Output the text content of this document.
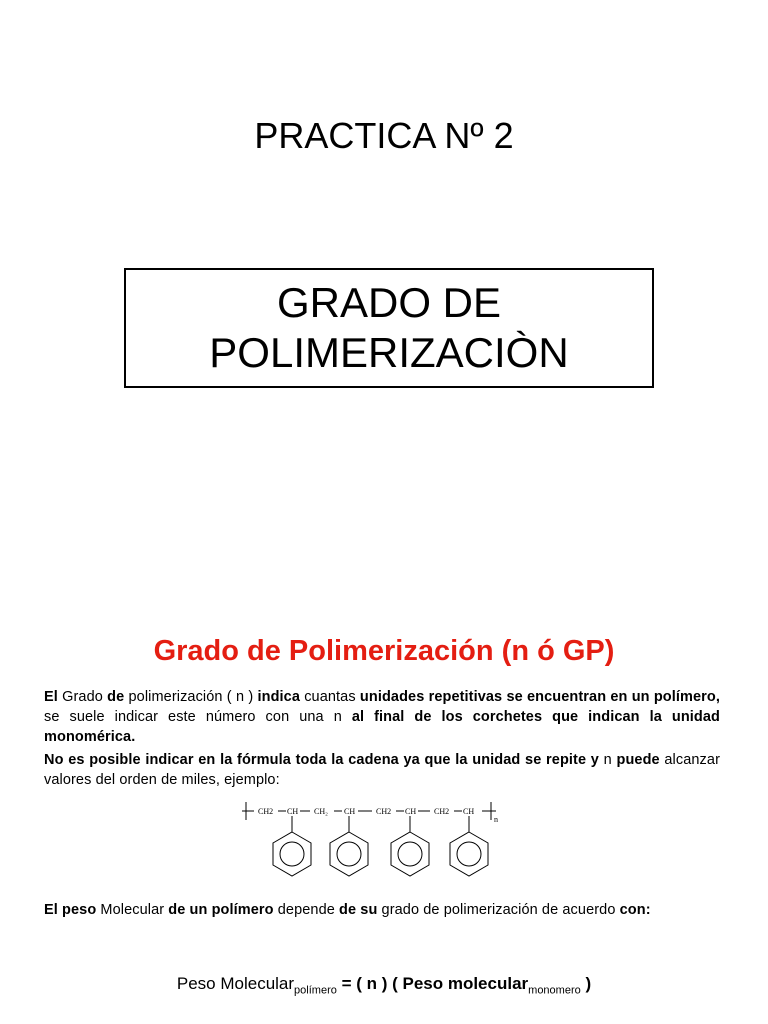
PRACTICA Nº 2
GRADO DE
POLIMERIZACIÒN
Grado de Polimerización (n ó GP)
El Grado de polimerización ( n ) indica cuantas unidades repetitivas se encuentran en un polímero, se suele indicar este número con una n al final de los corchetes que indican la unidad monomérica.
No es posible indicar en la fórmula toda la cadena ya que la unidad se repite y n puede alcanzar valores del orden de miles, ejemplo:
CH2 CH CH₂ CH	CH2 CH CH2 CH
n
El peso Molecular de un polímero depende de su grado de polimerización de acuerdo con:
Peso Molecular$_{polímero}$ = ( n ) ( Peso molecular$_{monomero}$ )
